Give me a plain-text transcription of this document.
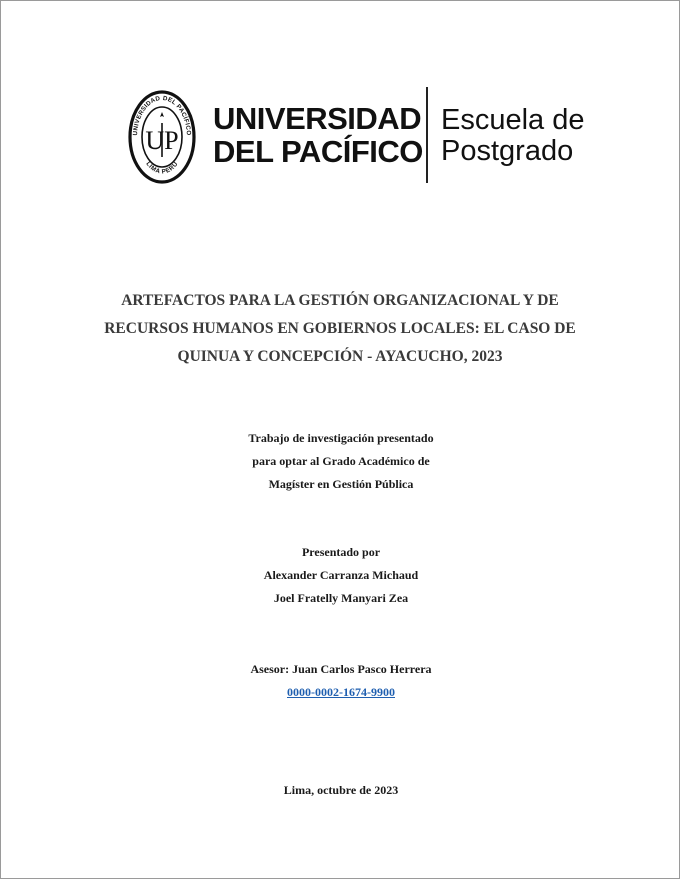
UNIVERSIDAD DEL PACÍFICO
LIMA PERÚ
UP
UNIVERSIDAD
DEL PACÍFICO
Escuela de
Postgrado
ARTEFACTOS PARA LA GESTIÓN ORGANIZACIONAL Y DE
RECURSOS HUMANOS EN GOBIERNOS LOCALES: EL CASO DE
QUINUA Y CONCEPCIÓN - AYACUCHO, 2023
Trabajo de investigación presentado
para optar al Grado Académico de
Magíster en Gestión Pública
Presentado por
Alexander Carranza Michaud
Joel Fratelly Manyari Zea
Asesor: Juan Carlos Pasco Herrera
0000-0002-1674-9900
Lima, octubre de 2023
